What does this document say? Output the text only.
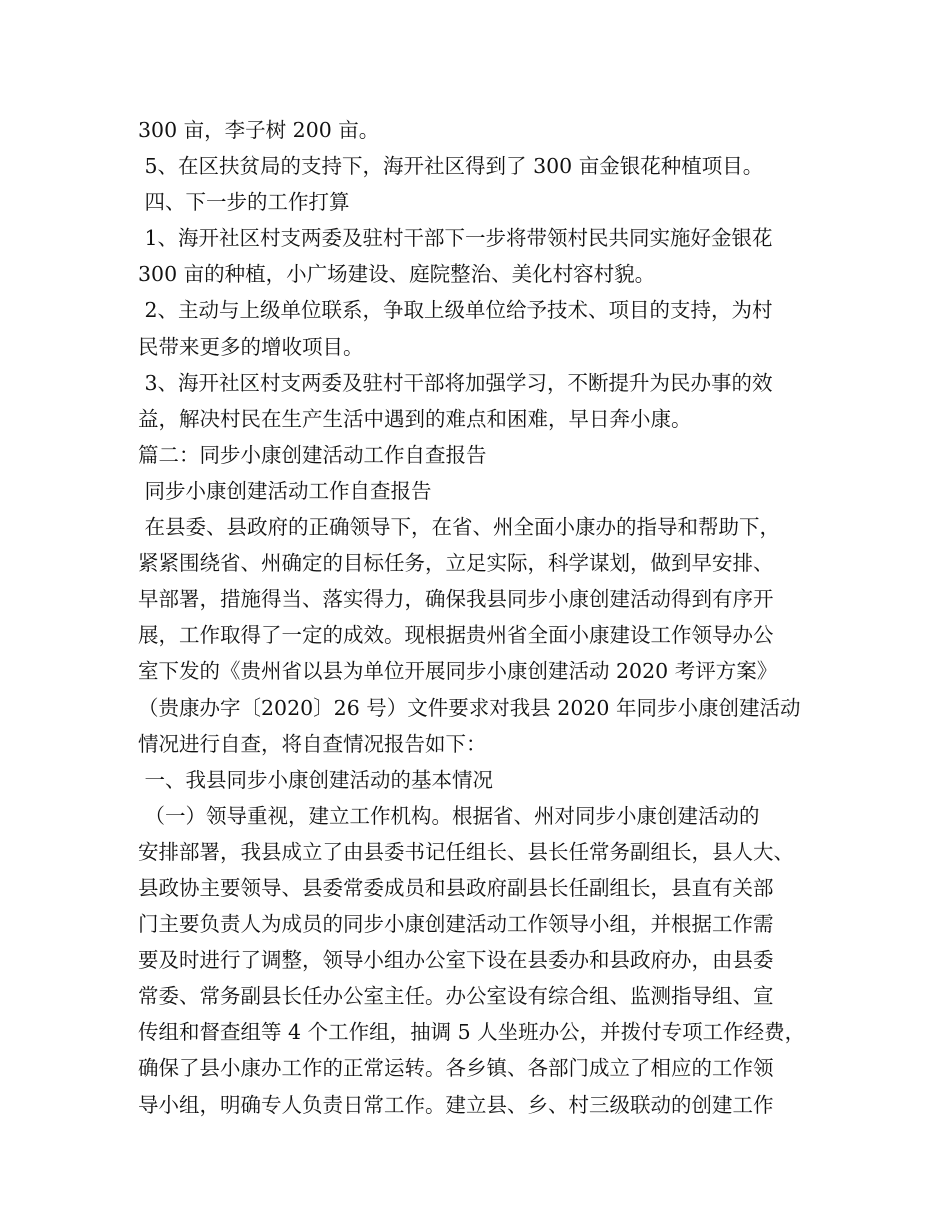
300 亩，李子树 200 亩。
5、在区扶贫局的支持下，海开社区得到了 300 亩金银花种植项目。
四、下一步的工作打算
1、海开社区村支两委及驻村干部下一步将带领村民共同实施好金银花
300 亩的种植，小广场建设、庭院整治、美化村容村貌。
2、主动与上级单位联系，争取上级单位给予技术、项目的支持，为村
民带来更多的增收项目。
3、海开社区村支两委及驻村干部将加强学习，不断提升为民办事的效
益，解决村民在生产生活中遇到的难点和困难，早日奔小康。
篇二：同步小康创建活动工作自查报告
同步小康创建活动工作自查报告
在县委、县政府的正确领导下，在省、州全面小康办的指导和帮助下，
紧紧围绕省、州确定的目标任务，立足实际，科学谋划，做到早安排、
早部署，措施得当、落实得力，确保我县同步小康创建活动得到有序开
展，工作取得了一定的成效。现根据贵州省全面小康建设工作领导办公
室下发的《贵州省以县为单位开展同步小康创建活动 2020 考评方案》
（贵康办字〔2020〕26 号）文件要求对我县 2020 年同步小康创建活动
情况进行自查，将自查情况报告如下：
一、我县同步小康创建活动的基本情况
（一）领导重视，建立工作机构。根据省、州对同步小康创建活动的
安排部署，我县成立了由县委书记任组长、县长任常务副组长，县人大、
县政协主要领导、县委常委成员和县政府副县长任副组长，县直有关部
门主要负责人为成员的同步小康创建活动工作领导小组，并根据工作需
要及时进行了调整，领导小组办公室下设在县委办和县政府办，由县委
常委、常务副县长任办公室主任。办公室设有综合组、监测指导组、宣
传组和督查组等 4 个工作组，抽调 5 人坐班办公，并拨付专项工作经费，
确保了县小康办工作的正常运转。各乡镇、各部门成立了相应的工作领
导小组，明确专人负责日常工作。建立县、乡、村三级联动的创建工作
